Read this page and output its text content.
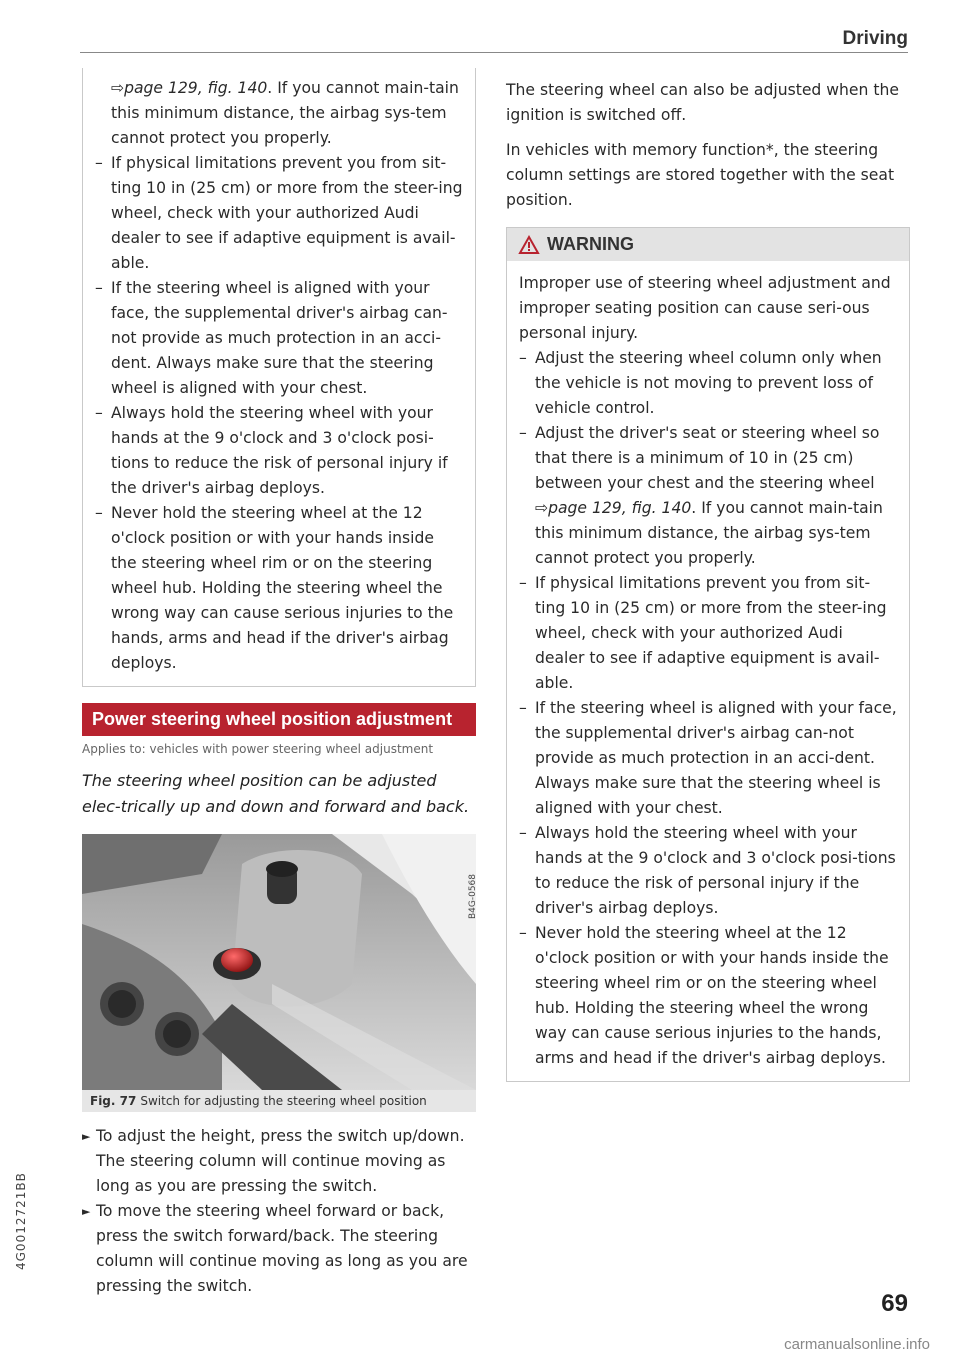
Driving
⇨page 129, fig. 140. If you cannot main-tain this minimum distance, the airbag sys-tem cannot protect you properly.
– If physical limitations prevent you from sit-ting 10 in (25 cm) or more from the steer-ing wheel, check with your authorized Audi dealer to see if adaptive equipment is avail-able.
– If the steering wheel is aligned with your face, the supplemental driver's airbag can-not provide as much protection in an acci-dent. Always make sure that the steering wheel is aligned with your chest.
– Always hold the steering wheel with your hands at the 9 o'clock and 3 o'clock posi-tions to reduce the risk of personal injury if the driver's airbag deploys.
– Never hold the steering wheel at the 12 o'clock position or with your hands inside the steering wheel rim or on the steering wheel hub. Holding the steering wheel the wrong way can cause serious injuries to the hands, arms and head if the driver's airbag deploys.
Power steering wheel position adjustment
Applies to: vehicles with power steering wheel adjustment
The steering wheel position can be adjusted elec-trically up and down and forward and back.
B4G-0568
Fig. 77 Switch for adjusting the steering wheel position
► To adjust the height, press the switch up/down. The steering column will continue moving as long as you are pressing the switch.
► To move the steering wheel forward or back, press the switch forward/back. The steering column will continue moving as long as you are pressing the switch.

The steering wheel can also be adjusted when the ignition is switched off.

In vehicles with memory function*, the steering column settings are stored together with the seat position.

WARNING
Improper use of steering wheel adjustment and improper seating position can cause seri-ous personal injury.
– Adjust the steering wheel column only when the vehicle is not moving to prevent loss of vehicle control.
– Adjust the driver's seat or steering wheel so that there is a minimum of 10 in (25 cm) between your chest and the steering wheel ⇨page 129, fig. 140. If you cannot main-tain this minimum distance, the airbag sys-tem cannot protect you properly.
– If physical limitations prevent you from sit-ting 10 in (25 cm) or more from the steer-ing wheel, check with your authorized Audi dealer to see if adaptive equipment is avail-able.
– If the steering wheel is aligned with your face, the supplemental driver's airbag can-not provide as much protection in an acci-dent. Always make sure that the steering wheel is aligned with your chest.
– Always hold the steering wheel with your hands at the 9 o'clock and 3 o'clock posi-tions to reduce the risk of personal injury if the driver's airbag deploys.
– Never hold the steering wheel at the 12 o'clock position or with your hands inside the steering wheel rim or on the steering wheel hub. Holding the steering wheel the wrong way can cause serious injuries to the hands, arms and head if the driver's airbag deploys.
4G0012721BB
69
carmanualsonline.info
